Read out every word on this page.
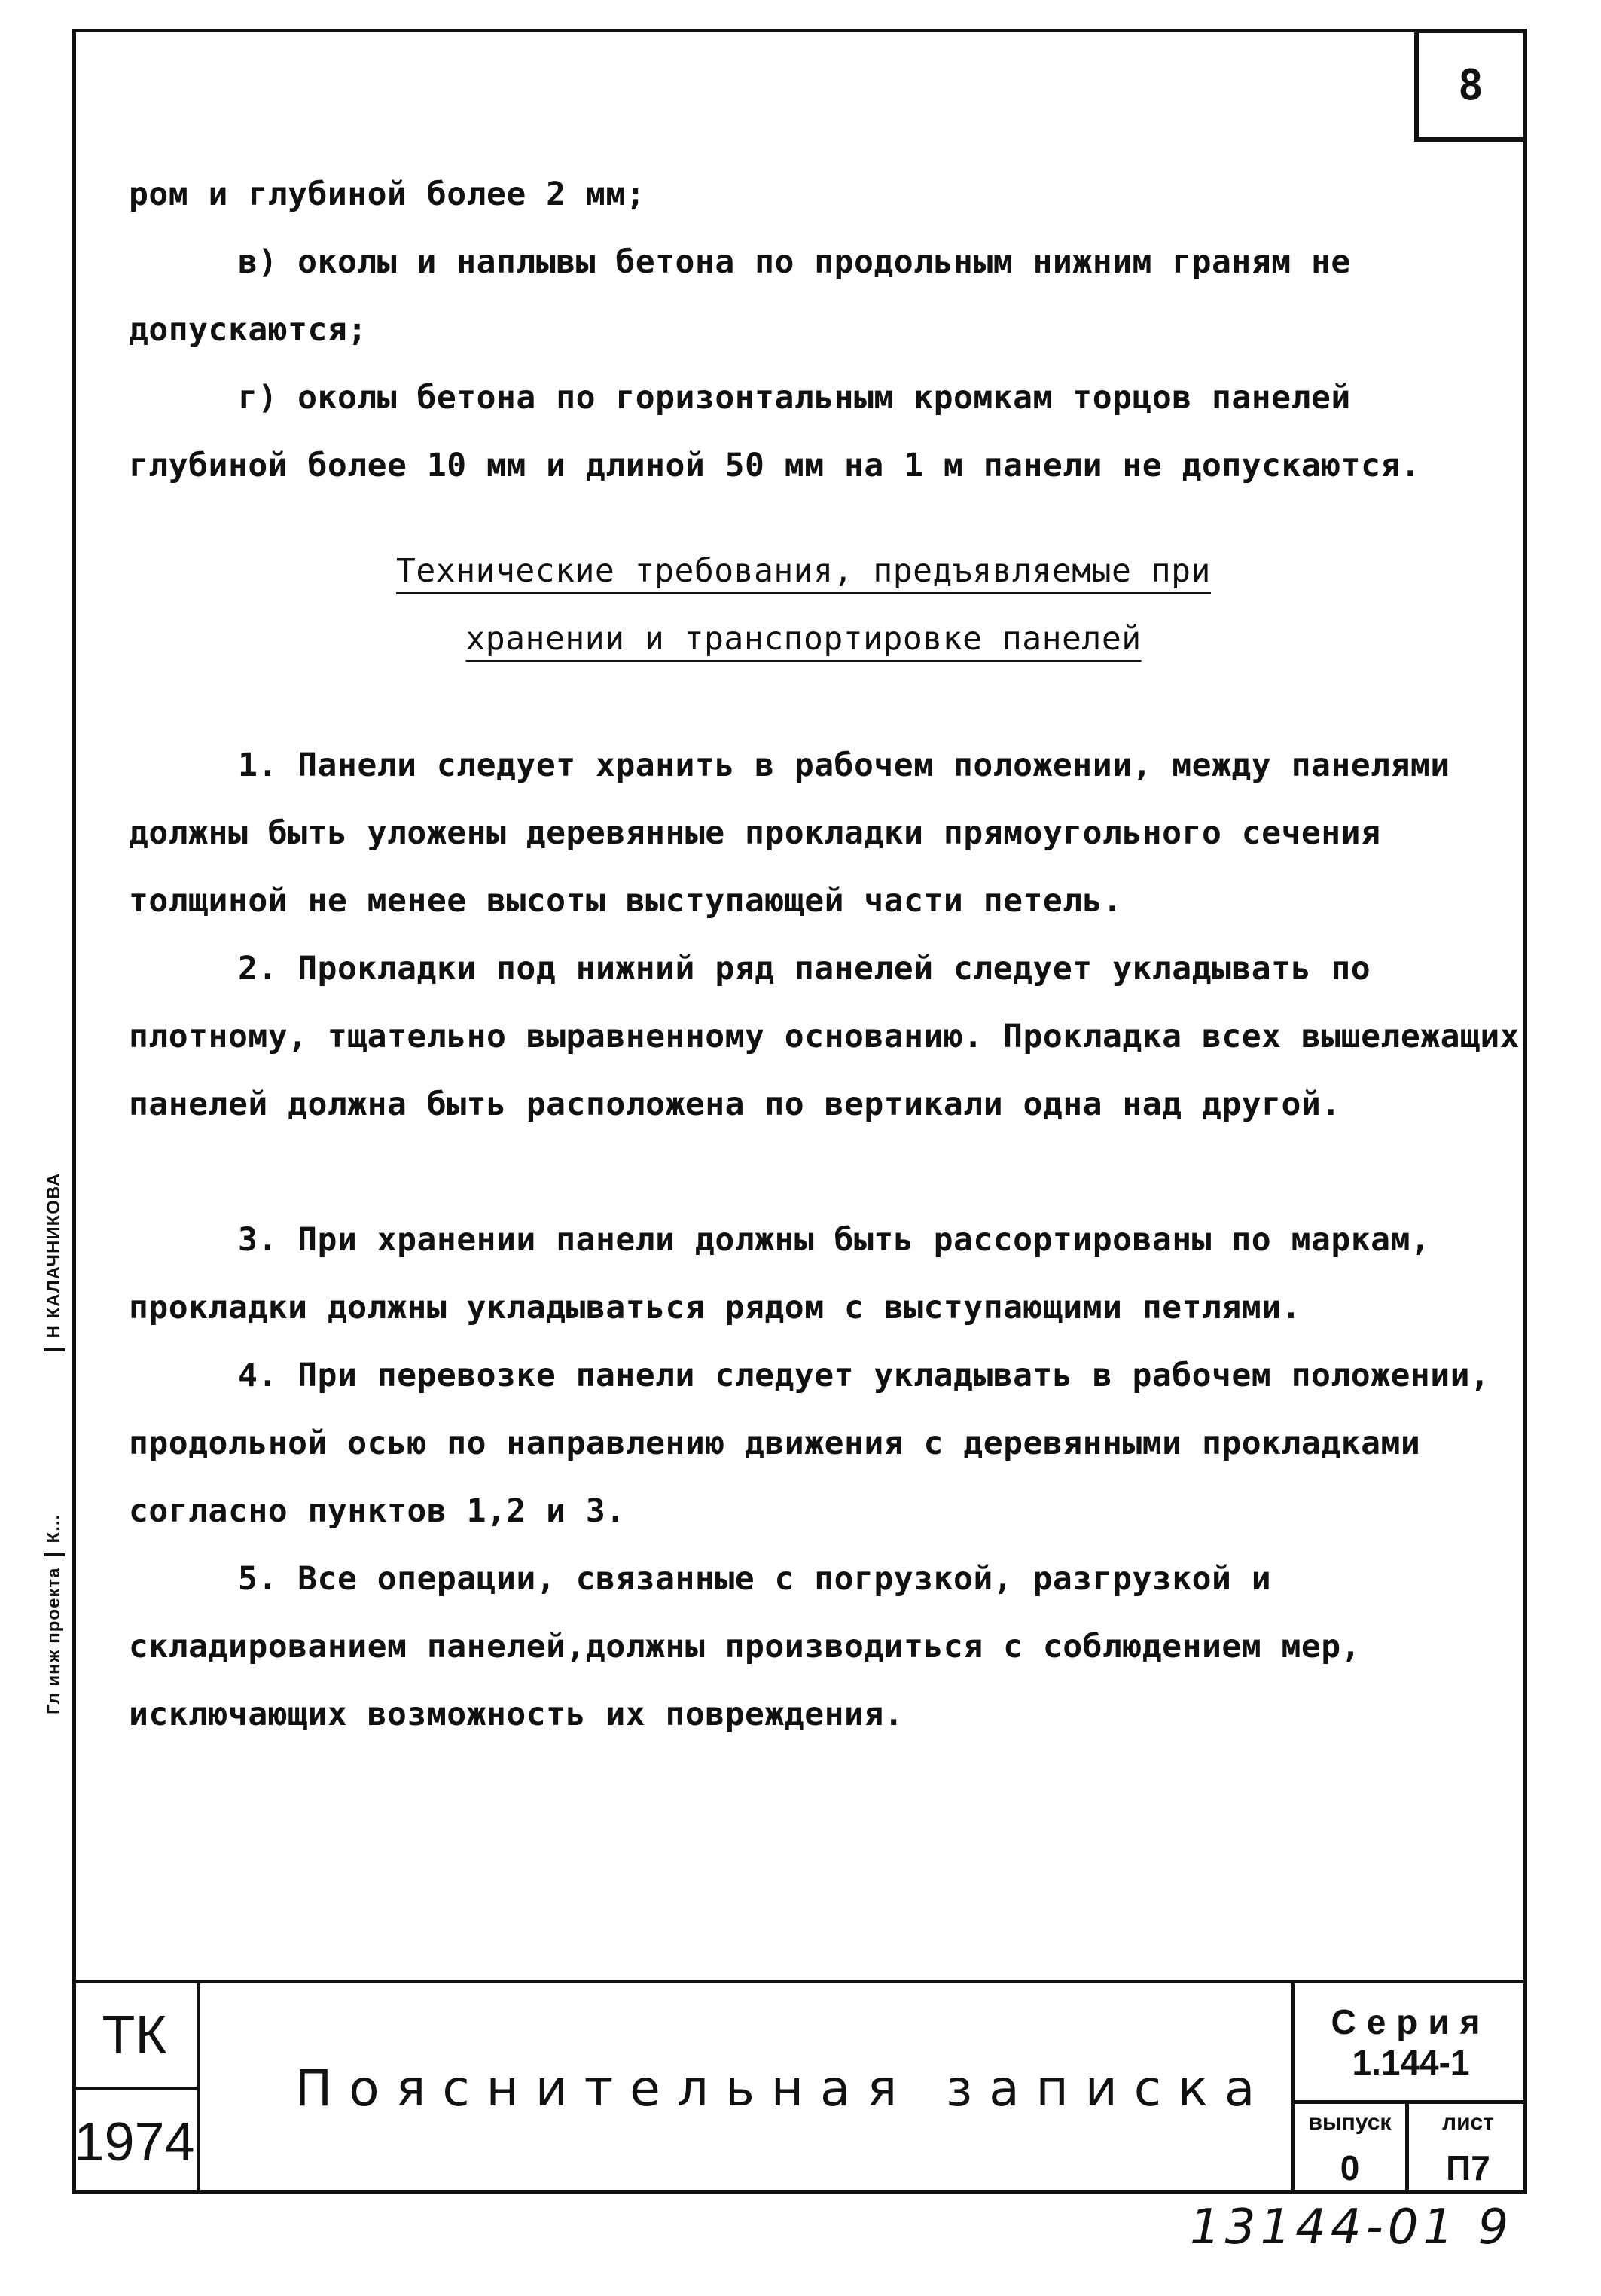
8
ром и глубиной более 2 мм;
в) околы и наплывы бетона по продольным нижним граням не допускаются;
г) околы бетона по горизонтальным кромкам торцов панелей глубиной более 10 мм и длиной 50 мм на 1 м панели не допускаются.
Технические требования, предъявляемые при
хранении и транспортировке панелей
1. Панели следует хранить в рабочем положении, между панелями должны быть уложены деревянные прокладки прямоугольного сечения толщиной не менее высоты выступающей части петель.
2. Прокладки под нижний ряд панелей следует укладывать по плотному, тщательно выравненному основанию. Прокладка всех вышележащих панелей должна быть расположена по вертикали одна над другой.
3. При хранении панели должны быть рассортированы по маркам, прокладки должны укладываться рядом с выступающими петлями.
4. При перевозке панели следует укладывать в рабочем положении, продольной осью по направлению движения с деревянными прокладками согласно пунктов 1,2 и 3.
5. Все операции, связанные с погрузкой, разгрузкой и складированием панелей,должны производиться с соблюдением мер, исключающих возможность их повреждения.
Гл инж проекта
К...
Н КАЛАЧНИКОВА
ТК
1974
Пояснительная записка
Серия
1.144-1
выпуск	лист
0	П7
13144-01 9
